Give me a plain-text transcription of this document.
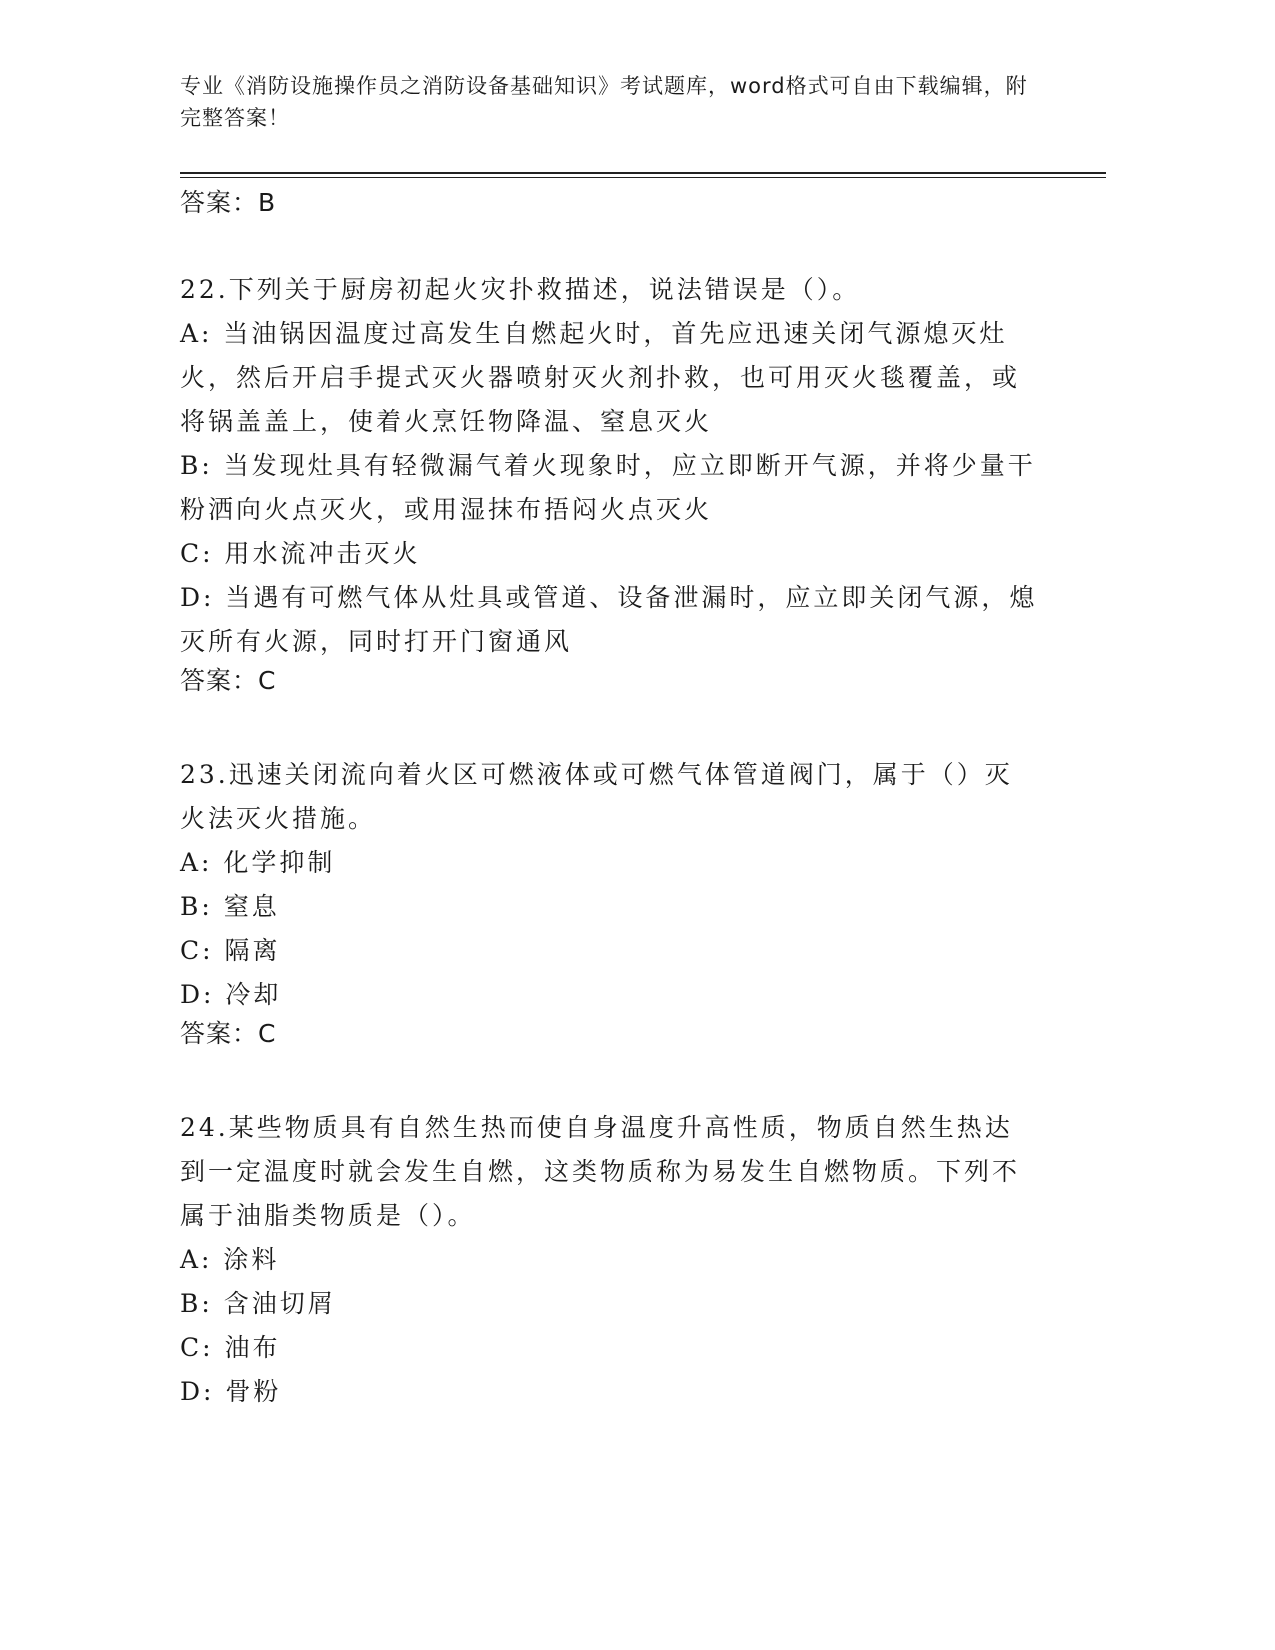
专业《消防设施操作员之消防设备基础知识》考试题库，word格式可自由下载编辑，附完整答案！

答案：B

22.下列关于厨房初起火灾扑救描述，说法错误是（）。

A: 当油锅因温度过高发生自燃起火时，首先应迅速关闭气源熄灭灶火，然后开启手提式灭火器喷射灭火剂扑救，也可用灭火毯覆盖，或将锅盖盖上，使着火烹饪物降温、窒息灭火

B: 当发现灶具有轻微漏气着火现象时，应立即断开气源，并将少量干粉洒向火点灭火，或用湿抹布捂闷火点灭火

C: 用水流冲击灭火

D: 当遇有可燃气体从灶具或管道、设备泄漏时，应立即关闭气源，熄灭所有火源，同时打开门窗通风

答案：C

23.迅速关闭流向着火区可燃液体或可燃气体管道阀门，属于（）灭火法灭火措施。

A: 化学抑制

B: 窒息

C: 隔离

D: 冷却

答案：C

24.某些物质具有自然生热而使自身温度升高性质，物质自然生热达到一定温度时就会发生自燃，这类物质称为易发生自燃物质。下列不属于油脂类物质是（）。

A: 涂料

B: 含油切屑

C: 油布

D: 骨粉
